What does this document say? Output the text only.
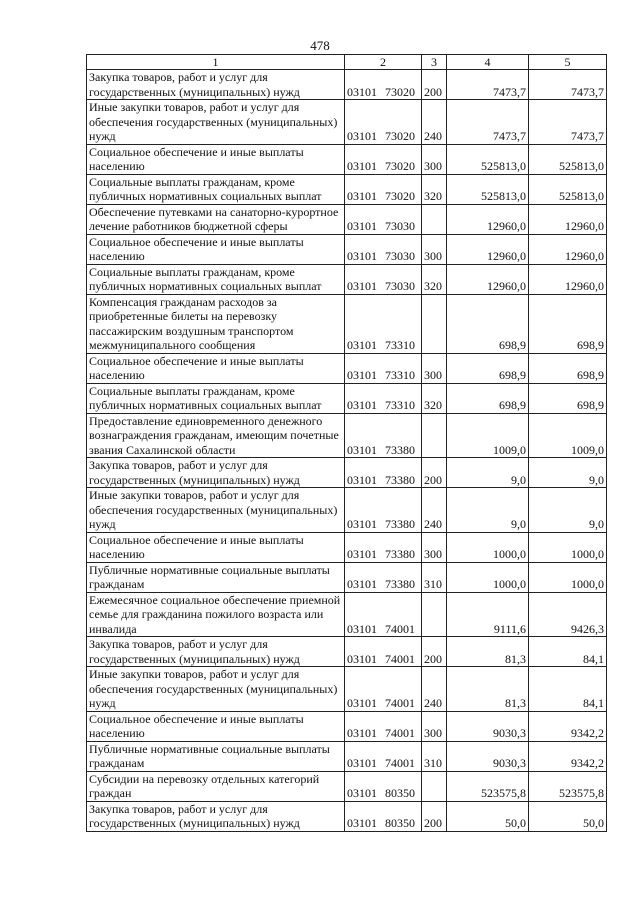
478
1	2	3	4	5
Закупка товаров, работ и услуг для государственных (муниципальных) нужд	03101 73020	200	7473,7	7473,7
Иные закупки товаров, работ и услуг для обеспечения государственных (муниципальных) нужд	03101 73020	240	7473,7	7473,7
Социальное обеспечение и иные выплаты населению	03101 73020	300	525813,0	525813,0
Социальные выплаты гражданам, кроме публичных нормативных социальных выплат	03101 73020	320	525813,0	525813,0
Обеспечение путевками на санаторно-курортное лечение работников бюджетной сферы	03101 73030		12960,0	12960,0
Социальное обеспечение и иные выплаты населению	03101 73030	300	12960,0	12960,0
Социальные выплаты гражданам, кроме публичных нормативных социальных выплат	03101 73030	320	12960,0	12960,0
Компенсация гражданам расходов за приобретенные билеты на перевозку пассажирским воздушным транспортом межмуниципального сообщения	03101 73310		698,9	698,9
Социальное обеспечение и иные выплаты населению	03101 73310	300	698,9	698,9
Социальные выплаты гражданам, кроме публичных нормативных социальных выплат	03101 73310	320	698,9	698,9
Предоставление единовременного денежного вознаграждения гражданам, имеющим почетные звания Сахалинской области	03101 73380		1009,0	1009,0
Закупка товаров, работ и услуг для государственных (муниципальных) нужд	03101 73380	200	9,0	9,0
Иные закупки товаров, работ и услуг для обеспечения государственных (муниципальных) нужд	03101 73380	240	9,0	9,0
Социальное обеспечение и иные выплаты населению	03101 73380	300	1000,0	1000,0
Публичные нормативные социальные выплаты гражданам	03101 73380	310	1000,0	1000,0
Ежемесячное социальное обеспечение приемной семье для гражданина пожилого возраста или инвалида	03101 74001		9111,6	9426,3
Закупка товаров, работ и услуг для государственных (муниципальных) нужд	03101 74001	200	81,3	84,1
Иные закупки товаров, работ и услуг для обеспечения государственных (муниципальных) нужд	03101 74001	240	81,3	84,1
Социальное обеспечение и иные выплаты населению	03101 74001	300	9030,3	9342,2
Публичные нормативные социальные выплаты гражданам	03101 74001	310	9030,3	9342,2
Субсидии на перевозку отдельных категорий граждан	03101 80350		523575,8	523575,8
Закупка товаров, работ и услуг для государственных (муниципальных) нужд	03101 80350	200	50,0	50,0
